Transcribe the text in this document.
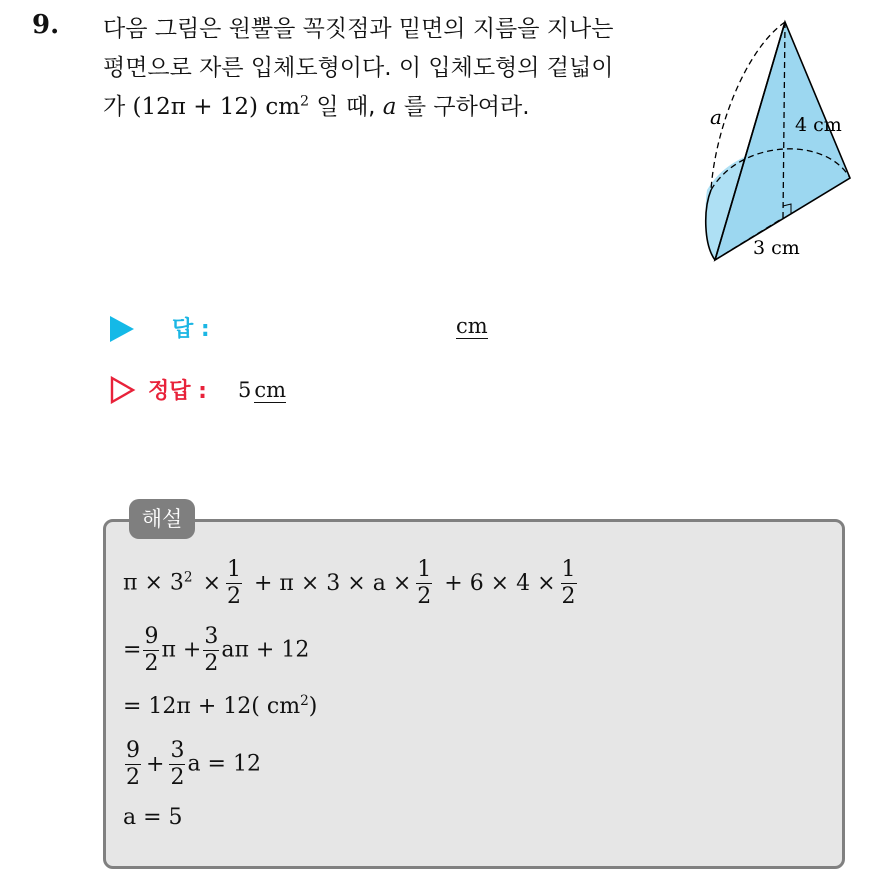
9. 다음 그림은 원뿔을 꼭짓점과 밑면의 지름을 지나는
평면으로 자른 입체도형이다. 이 입체도형의 겉넓이
가 (12π + 12) $cm^2$ 일 때, a 를 구하여라.	a	4 cm
3 cm
답 :	cm
정답 : 5 cm
해설
$\pi \times 3^2 \times \frac{1}{2} + \pi \times 3 \times a \times \frac{1}{2} + 6 \times 4 \times \frac{1}{2}$
= $\frac{9}{2}$ $\pi + \frac{3}{2}$ aπ + 12
= 12π + 12( $cm^2$)
$\frac{9}{2} + \frac{3}{2}$ a = 12
a = 5
